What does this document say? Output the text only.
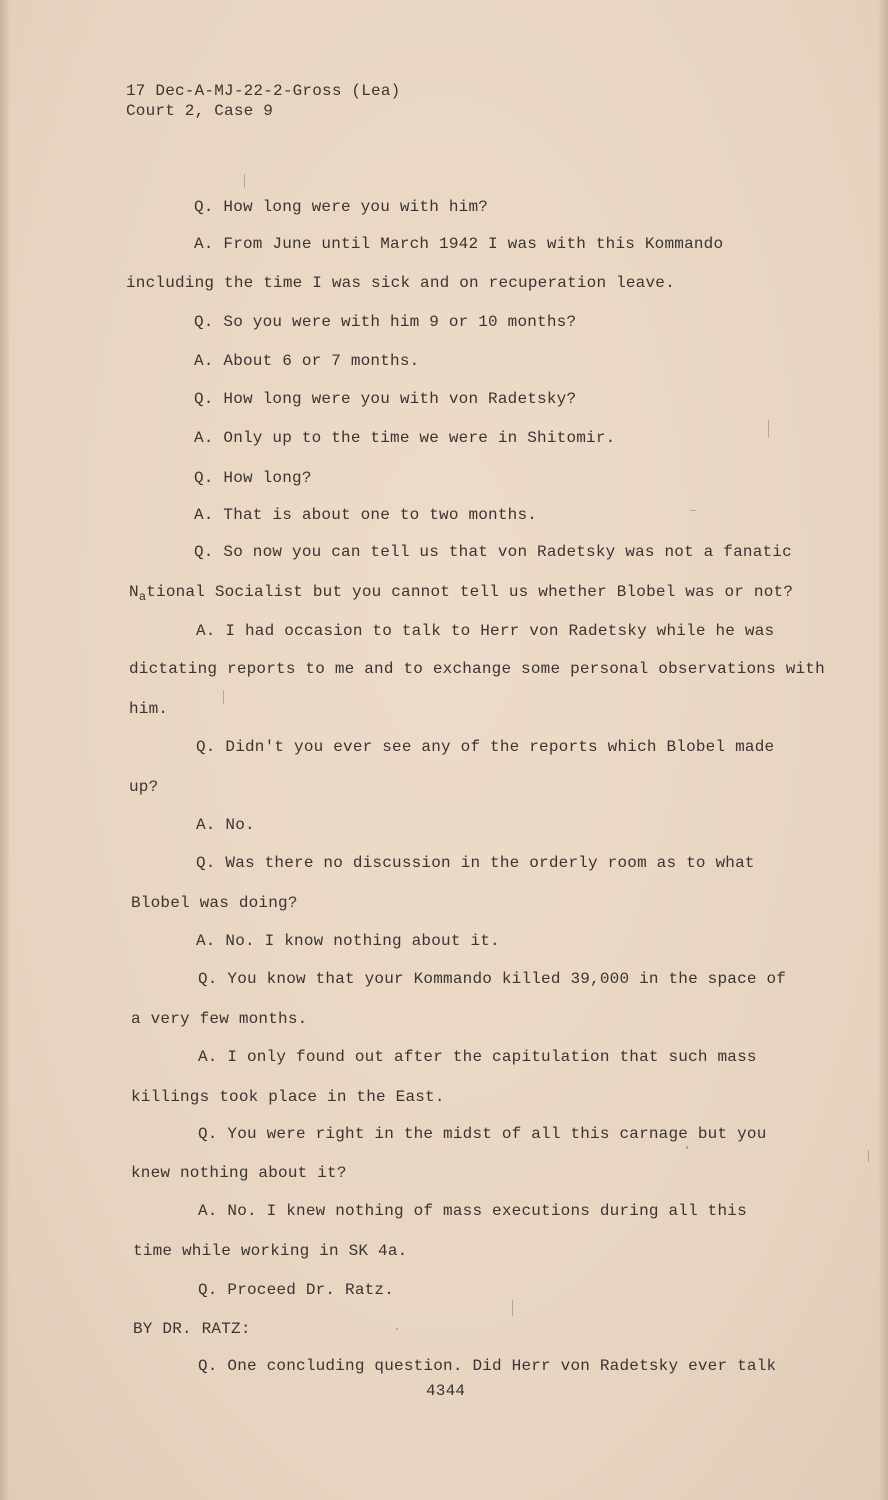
17 Dec-A-MJ-22-2-Gross (Lea)
Court 2, Case 9
Q. How long were you with him?
A. From June until March 1942 I was with this Kommando
including the time I was sick and on recuperation leave.
Q. So you were with him 9 or 10 months?
A. About 6 or 7 months.
Q. How long were you with von Radetsky?
A. Only up to the time we were in Shitomir.
Q. How long?
A. That is about one to two months.
Q. So now you can tell us that von Radetsky was not a fanatic
$N_ational$ Socialist but you cannot tell us whether Blobel was or not?
A. I had occasion to talk to Herr von Radetsky while he was
dictating reports to me and to exchange some personal observations with
him.
Q. Didn't you ever see any of the reports which Blobel made
up?
A. No.
Q. Was there no discussion in the orderly room as to what
Blobel was doing?
A. No. I know nothing about it.
Q. You know that your Kommando killed 39,000 in the space of
a very few months.
A. I only found out after the capitulation that such mass
killings took place in the East.
Q. You were right in the midst of all this carnage but you
knew nothing about it?
A. No. I knew nothing of mass executions during all this
time while working in SK 4a.
Q. Proceed Dr. Ratz.
BY DR. RATZ:
Q. One concluding question. Did Herr von Radetsky ever talk
4344
